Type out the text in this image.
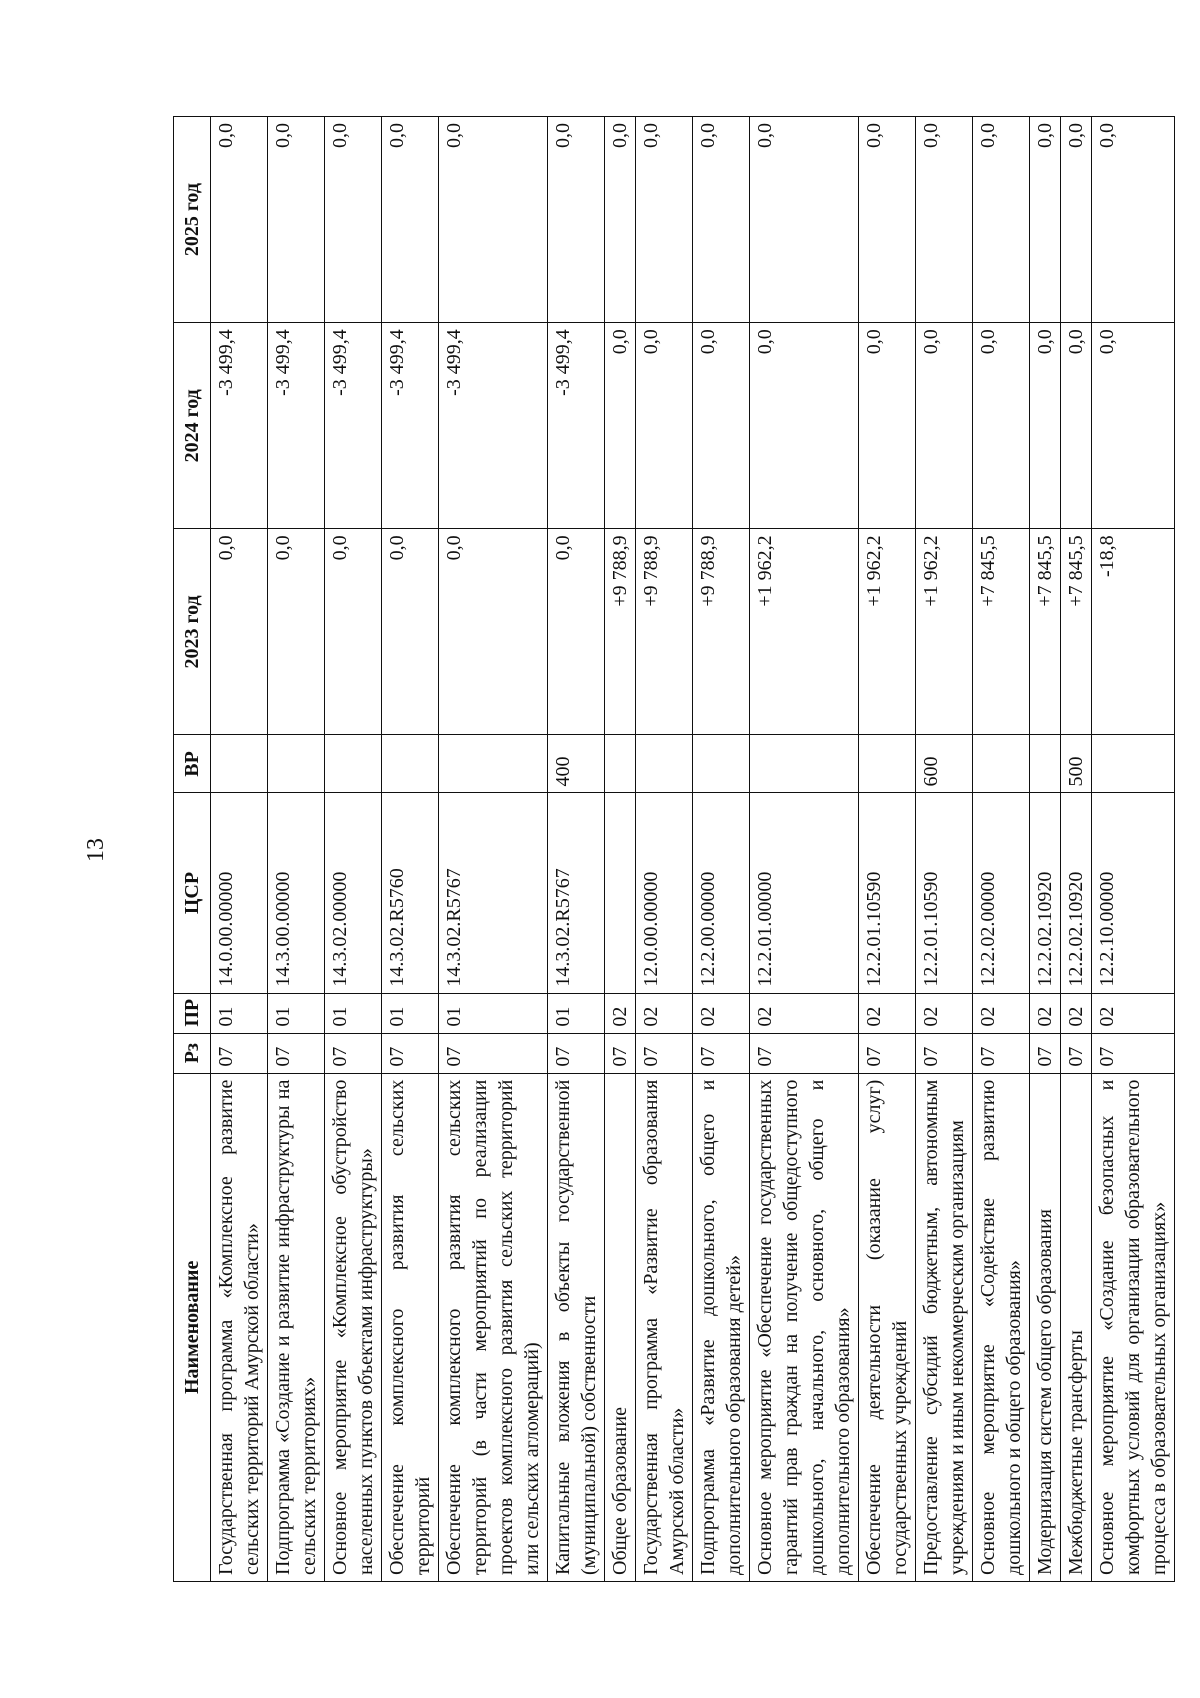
13
Наименование	Рз	ПР	ЦСР	ВР	2023 год	2024 год	2025 год
Государственная программа «Комплексное развитие сельских территорий Амурской области»	07	01	14.0.00.00000		0,0	-3 499,4	0,0
Подпрограмма «Создание и развитие инфраструктуры на сельских территориях»	07	01	14.3.00.00000		0,0	-3 499,4	0,0
Основное мероприятие «Комплексное обустройство населенных пунктов объектами инфраструктуры»	07	01	14.3.02.00000		0,0	-3 499,4	0,0
Обеспечение комплексного развития сельских территорий	07	01	14.3.02.R5760		0,0	-3 499,4	0,0
Обеспечение комплексного развития сельских территорий (в части мероприятий по реализации проектов комплексного развития сельских территорий или сельских агломераций)	07	01	14.3.02.R5767		0,0	-3 499,4	0,0
Капитальные вложения в объекты государственной (муниципальной) собственности	07	01	14.3.02.R5767	400	0,0	-3 499,4	0,0
Общее образование	07	02			+9 788,9	0,0	0,0
Государственная программа «Развитие образования Амурской области»	07	02	12.0.00.00000		+9 788,9	0,0	0,0
Подпрограмма «Развитие дошкольного, общего и дополнительного образования детей»	07	02	12.2.00.00000		+9 788,9	0,0	0,0
Основное мероприятие «Обеспечение государственных гарантий прав граждан на получение общедоступного дошкольного, начального, основного, общего и дополнительного образования»	07	02	12.2.01.00000		+1 962,2	0,0	0,0
Обеспечение деятельности (оказание услуг) государственных учреждений	07	02	12.2.01.10590		+1 962,2	0,0	0,0
Предоставление субсидий бюджетным, автономным учреждениям и иным некоммерческим организациям	07	02	12.2.01.10590	600	+1 962,2	0,0	0,0
Основное мероприятие «Содействие развитию дошкольного и общего образования»	07	02	12.2.02.00000		+7 845,5	0,0	0,0
Модернизация систем общего образования	07	02	12.2.02.10920		+7 845,5	0,0	0,0
Межбюджетные трансферты	07	02	12.2.02.10920	500	+7 845,5	0,0	0,0
Основное мероприятие «Создание безопасных и комфортных условий для организации образовательного процесса в образовательных организациях»	07	02	12.2.10.00000		-18,8	0,0	0,0
